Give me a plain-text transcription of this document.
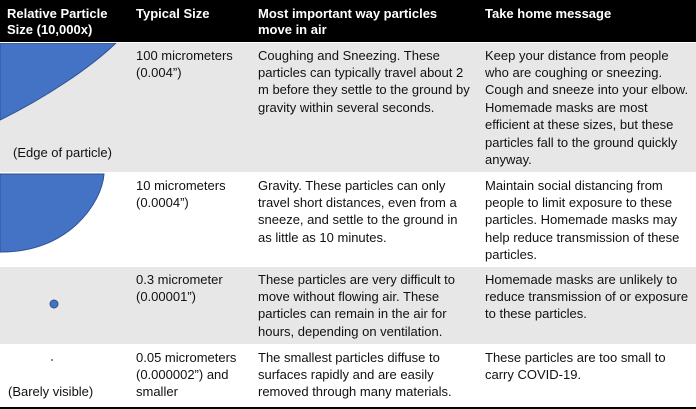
Relative Particle Size (10,000x)	Typical Size	Most important way particles move in air	Take home message

(Edge of particle)	100 micrometers (0.004”)	Coughing and Sneezing. These particles can typically travel about 2 m before they settle to the ground by gravity within several seconds.	Keep your distance from people who are coughing or sneezing. Cough and sneeze into your elbow. Homemade masks are most efficient at these sizes, but these particles fall to the ground quickly anyway.

	10 micrometers (0.0004”)	Gravity. These particles can only travel short distances, even from a sneeze, and settle to the ground in as little as 10 minutes.	Maintain social distancing from people to limit exposure to these particles. Homemade masks may help reduce transmission of these particles.

	0.3 micrometer (0.00001”)	These particles are very difficult to move without flowing air. These particles can remain in the air for hours, depending on ventilation.	Homemade masks are unlikely to reduce transmission of or exposure to these particles.

(Barely visible)	0.05 micrometers (0.000002”) and smaller	The smallest particles diffuse to surfaces rapidly and are easily removed through many materials.	These particles are too small to carry COVID-19.
